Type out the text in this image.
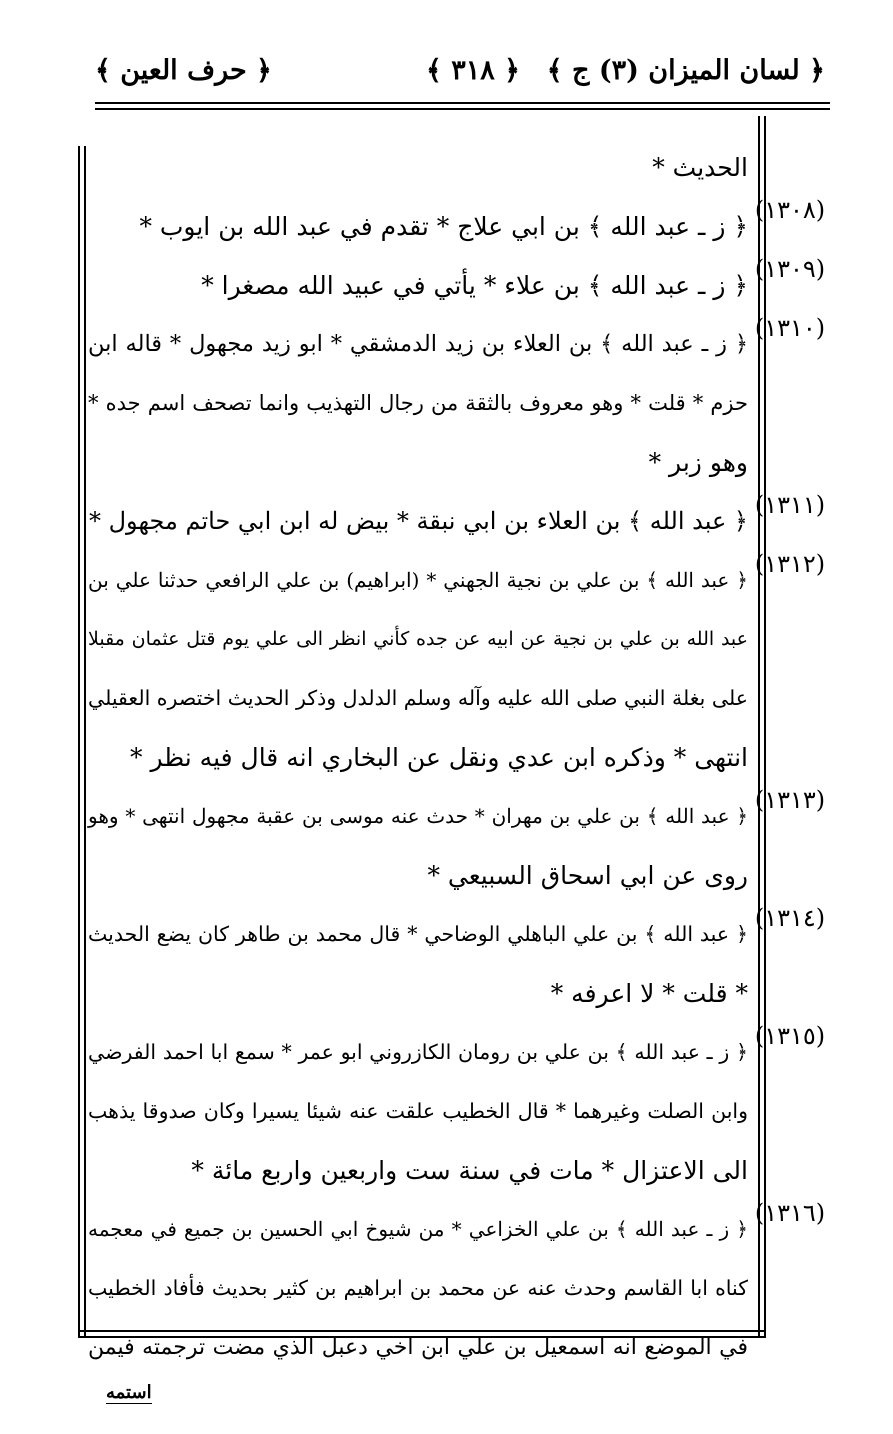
﴿ لسان الميزان (٣) ج ﴾
﴿ ٣١٨ ﴾
﴿ حرف العين ﴾
(١٣٠٨)
(١٣٠٩)
(١٣١٠)
(١٣١١)
(١٣١٢)
(١٣١٣)
(١٣١٤)
(١٣١٥)
(١٣١٦)
الحديث *
﴿ ز ـ عبد الله ﴾ بن ابي علاج * تقدم في عبد الله بن ايوب *
﴿ ز ـ عبد الله ﴾ بن علاء * يأتي في عبيد الله مصغرا *
﴿ ز ـ عبد الله ﴾ بن العلاء بن زيد الدمشقي * ابو زيد مجهول * قاله ابن
حزم * قلت * وهو معروف بالثقة من رجال التهذيب وانما تصحف اسم جده *
وهو زبر *
﴿ عبد الله ﴾ بن العلاء بن ابي نبقة * بيض له ابن ابي حاتم مجهول *
﴿ عبد الله ﴾ بن علي بن نجية الجهني * (ابراهيم) بن علي الرافعي حدثنا علي بن
عبد الله بن علي بن نجية عن ابيه عن جده كأني انظر الى علي يوم قتل عثمان مقبلا
على بغلة النبي صلى الله عليه وآله وسلم الدلدل وذكر الحديث اختصره العقيلي
انتهى * وذكره ابن عدي ونقل عن البخاري انه قال فيه نظر *
﴿ عبد الله ﴾ بن علي بن مهران * حدث عنه موسى بن عقبة مجهول انتهى * وهو
روى عن ابي اسحاق السبيعي *
﴿ عبد الله ﴾ بن علي الباهلي الوضاحي * قال محمد بن طاهر كان يضع الحديث
* قلت * لا اعرفه *
﴿ ز ـ عبد الله ﴾ بن علي بن رومان الكازروني ابو عمر * سمع ابا احمد الفرضي
وابن الصلت وغيرهما * قال الخطيب علقت عنه شيئا يسيرا وكان صدوقا يذهب
الى الاعتزال * مات في سنة ست واربعين واربع مائة *
﴿ ز ـ عبد الله ﴾ بن علي الخزاعي * من شيوخ ابي الحسين بن جميع في معجمه
كناه ابا القاسم وحدث عنه عن محمد بن ابراهيم بن كثير بحديث فأفاد الخطيب
في الموضع انه اسمعيل بن علي ابن اخي دعبل الذي مضت ترجمته فيمن
استمه
